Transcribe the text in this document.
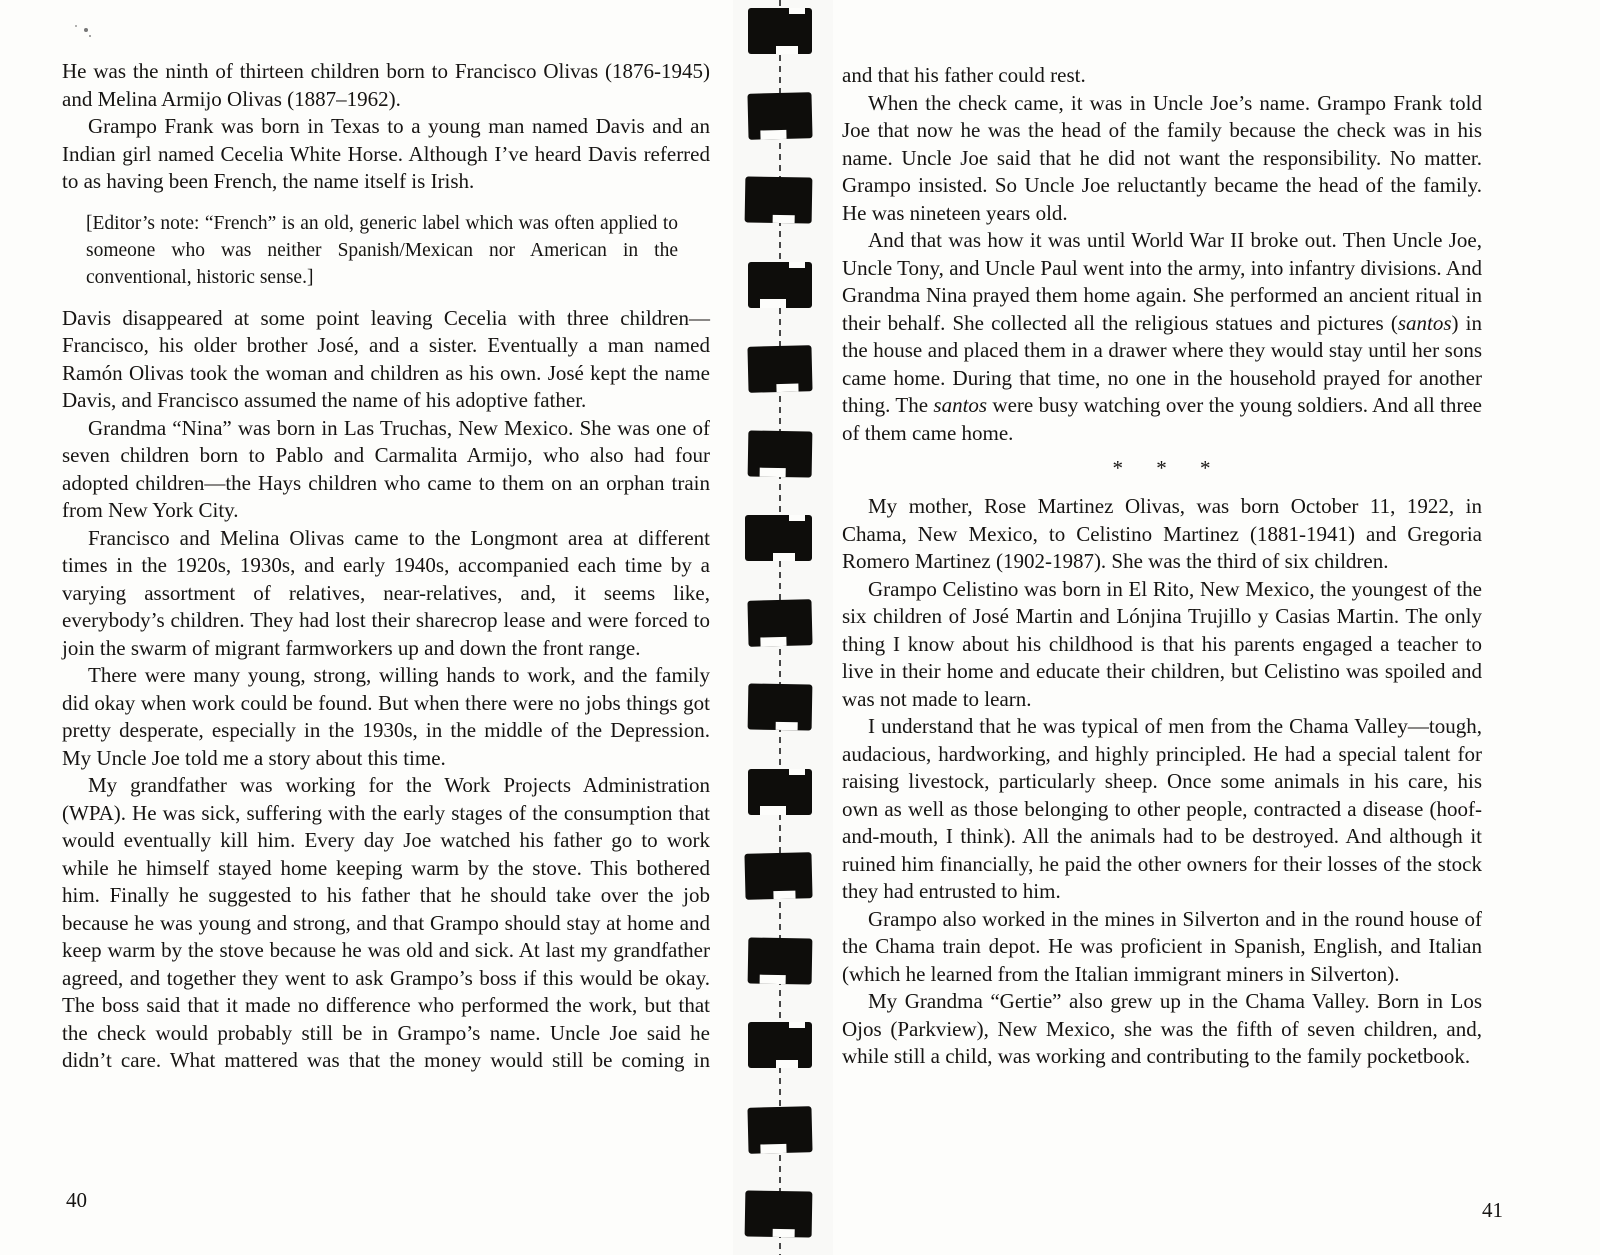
He was the ninth of thirteen children born to Francisco Olivas (1876-1945) and Melina Armijo Olivas (1887–1962).

Grampo Frank was born in Texas to a young man named Davis and an Indian girl named Cecelia White Horse. Although I’ve heard Davis referred to as having been French, the name itself is Irish.

[Editor’s note: “French” is an old, generic label which was often applied to someone who was neither Spanish/Mexican nor American in the conventional, historic sense.]

Davis disappeared at some point leaving Cecelia with three children—Francisco, his older brother José, and a sister. Eventually a man named Ramón Olivas took the woman and children as his own. José kept the name Davis, and Francisco assumed the name of his adoptive father.

Grandma “Nina” was born in Las Truchas, New Mexico. She was one of seven children born to Pablo and Carmalita Armijo, who also had four adopted children—the Hays children who came to them on an orphan train from New York City.

Francisco and Melina Olivas came to the Longmont area at different times in the 1920s, 1930s, and early 1940s, accompanied each time by a varying assortment of relatives, near-relatives, and, it seems like, everybody’s children. They had lost their sharecrop lease and were forced to join the swarm of migrant farmworkers up and down the front range.

There were many young, strong, willing hands to work, and the family did okay when work could be found. But when there were no jobs things got pretty desperate, especially in the 1930s, in the middle of the Depression. My Uncle Joe told me a story about this time.

My grandfather was working for the Work Projects Administration (WPA). He was sick, suffering with the early stages of the consumption that would eventually kill him. Every day Joe watched his father go to work while he himself stayed home keeping warm by the stove. This bothered him. Finally he suggested to his father that he should take over the job because he was young and strong, and that Grampo should stay at home and keep warm by the stove because he was old and sick. At last my grandfather agreed, and together they went to ask Grampo’s boss if this would be okay. The boss said that it made no difference who performed the work, but that the check would probably still be in Grampo’s name. Uncle Joe said he didn’t care. What mattered was that the money would still be coming in

and that his father could rest.

When the check came, it was in Uncle Joe’s name. Grampo Frank told Joe that now he was the head of the family because the check was in his name. Uncle Joe said that he did not want the responsibility. No matter. Grampo insisted. So Uncle Joe reluctantly became the head of the family. He was nineteen years old.

And that was how it was until World War II broke out. Then Uncle Joe, Uncle Tony, and Uncle Paul went into the army, into infantry divisions. And Grandma Nina prayed them home again. She performed an ancient ritual in their behalf. She collected all the religious statues and pictures (santos) in the house and placed them in a drawer where they would stay until her sons came home. During that time, no one in the household prayed for another thing. The santos were busy watching over the young soldiers. And all three of them came home.

* * *

My mother, Rose Martinez Olivas, was born October 11, 1922, in Chama, New Mexico, to Celistino Martinez (1881-1941) and Gregoria Romero Martinez (1902-1987). She was the third of six children.

Grampo Celistino was born in El Rito, New Mexico, the youngest of the six children of José Martin and Lónjina Trujillo y Casias Martin. The only thing I know about his childhood is that his parents engaged a teacher to live in their home and educate their children, but Celistino was spoiled and was not made to learn.

I understand that he was typical of men from the Chama Valley—tough, audacious, hardworking, and highly principled. He had a special talent for raising livestock, particularly sheep. Once some animals in his care, his own as well as those belonging to other people, contracted a disease (hoof-and-mouth, I think). All the animals had to be destroyed. And although it ruined him financially, he paid the other owners for their losses of the stock they had entrusted to him.

Grampo also worked in the mines in Silverton and in the round house of the Chama train depot. He was proficient in Spanish, English, and Italian (which he learned from the Italian immigrant miners in Silverton).

My Grandma “Gertie” also grew up in the Chama Valley. Born in Los Ojos (Parkview), New Mexico, she was the fifth of seven children, and, while still a child, was working and contributing to the family pocketbook.

40	41
